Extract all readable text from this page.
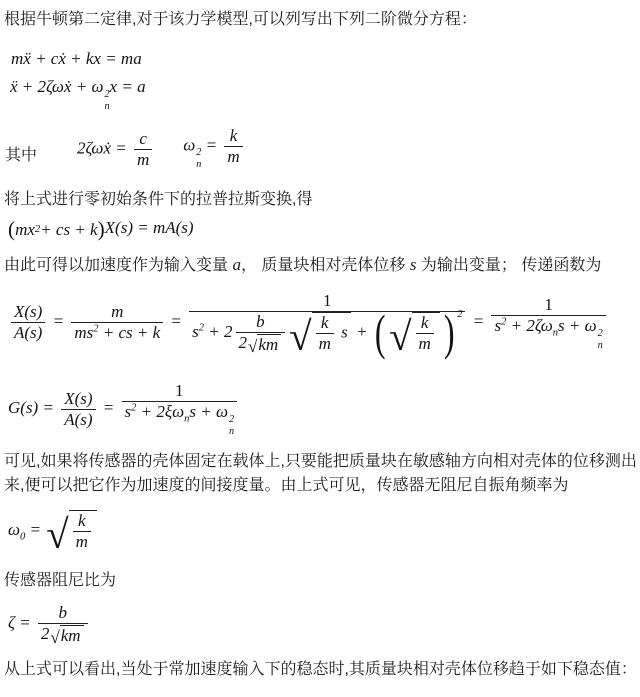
根据牛顿第二定律,对于该力学模型,可以列写出下列二阶微分方程：

mẍ + cẋ + kx = ma
ẍ + 2ζωẋ + ω 2
n
x = a
其中 2ζωẋ = $\frac{c}{m}$ ω 2
n
= $\frac{k}{m}$

将上式进行零初始条件下的拉普拉斯变换,得

( mx 2 + cs + k ) X(s) = mA(s)

由此可得以加速度作为输入变量 a， 质量块相对壳体位移 s 为输出变量； 传递函数为

$\frac{X(s)}{A(s)} = \frac{m}{ms^2 + cs + k} = \frac{1}{s^2 + 2 \frac{b}{2 √ km} √ \frac{k}{m} s + ( √ \frac{k}{m} ) 2} = 1$
$s^2 + 2\zeta\omega_ns + \omega$ 2
n
$G(s) = \frac{X(s)}{A(s)} = 1$
$s^2 + 2\xi\omega_ns + \omega$ 2
n

可见,如果将传感器的壳体固定在载体上,只要能把质量块在敏感轴方向相对壳体的位移测出来,便可以把它作为加速度的间接度量。由上式可见，传感器无阻尼自振角频率为

$\omega_0$ = √ $\frac{k}{m}$

传感器阻尼比为

$\zeta = \frac{b}{2 √ km}$

从上式可以看出,当处于常加速度输入下的稳态时,其质量块相对壳体位移趋于如下稳态值：
